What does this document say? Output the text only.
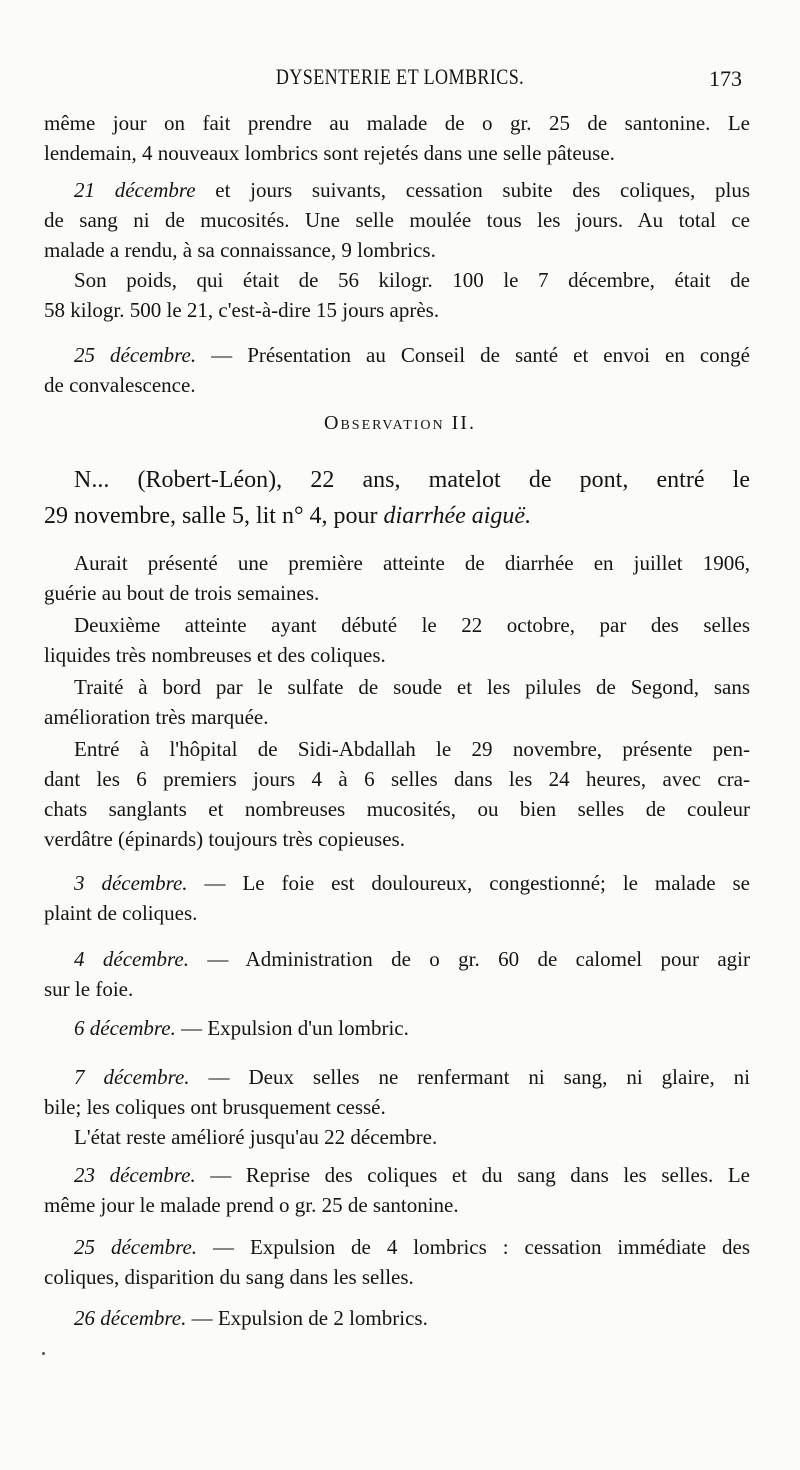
DYSENTERIE ET LOMBRICS.	173

même jour on fait prendre au malade de o gr. 25 de santonine. Le
lendemain, 4 nouveaux lombrics sont rejetés dans une selle pâteuse.

21 décembre et jours suivants, cessation subite des coliques, plus
de sang ni de mucosités. Une selle moulée tous les jours. Au total ce
malade a rendu, à sa connaissance, 9 lombrics.

Son poids, qui était de 56 kilogr. 100 le 7 décembre, était de
58 kilogr. 500 le 21, c'est-à-dire 15 jours après.

25 décembre. — Présentation au Conseil de santé et envoi en congé
de convalescence.

Observation II.

N... (Robert-Léon), 22 ans, matelot de pont, entré le
29 novembre, salle 5, lit n° 4, pour diarrhée aiguë.

Aurait présenté une première atteinte de diarrhée en juillet 1906,
guérie au bout de trois semaines.

Deuxième atteinte ayant débuté le 22 octobre, par des selles
liquides très nombreuses et des coliques.

Traité à bord par le sulfate de soude et les pilules de Segond, sans
amélioration très marquée.

Entré à l'hôpital de Sidi-Abdallah le 29 novembre, présente pen-
dant les 6 premiers jours 4 à 6 selles dans les 24 heures, avec cra-
chats sanglants et nombreuses mucosités, ou bien selles de couleur
verdâtre (épinards) toujours très copieuses.

3 décembre. — Le foie est douloureux, congestionné; le malade se
plaint de coliques.

4 décembre. — Administration de o gr. 60 de calomel pour agir
sur le foie.

6 décembre. — Expulsion d'un lombric.

7 décembre. — Deux selles ne renfermant ni sang, ni glaire, ni
bile; les coliques ont brusquement cessé.

L'état reste amélioré jusqu'au 22 décembre.

23 décembre. — Reprise des coliques et du sang dans les selles. Le
même jour le malade prend o gr. 25 de santonine.

25 décembre. — Expulsion de 4 lombrics : cessation immédiate des
coliques, disparition du sang dans les selles.

26 décembre. — Expulsion de 2 lombrics.
